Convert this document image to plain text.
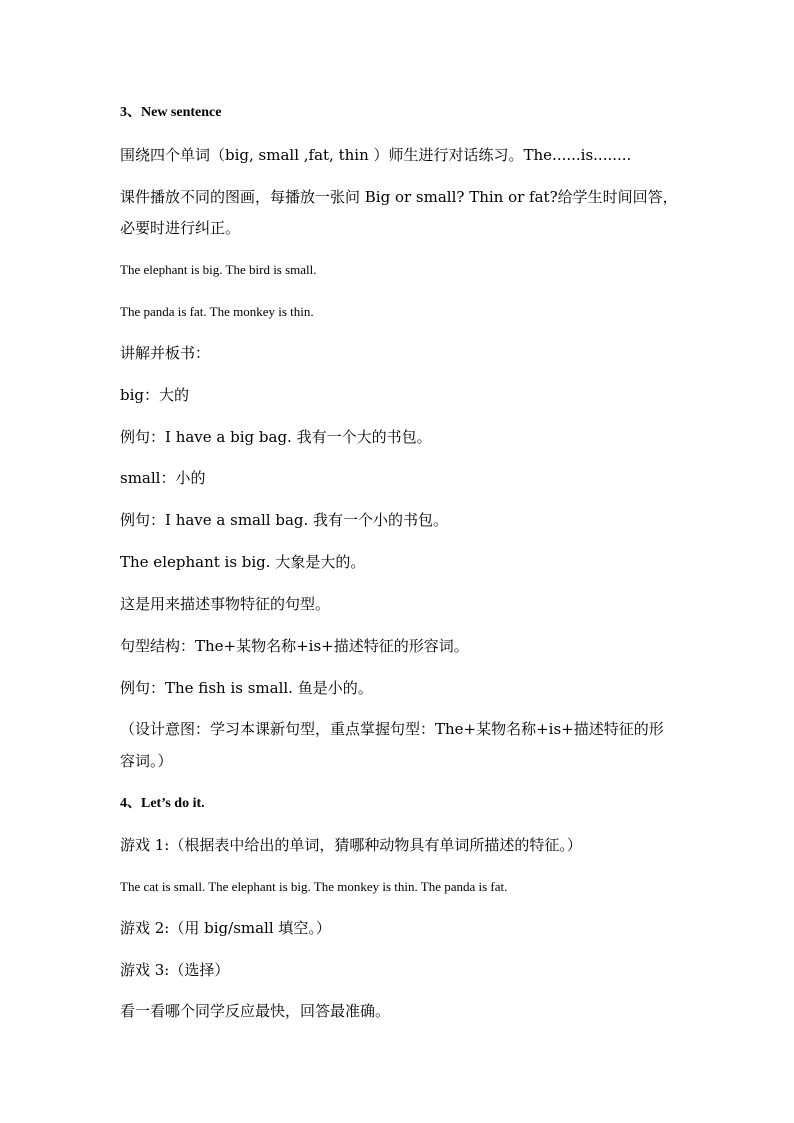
3、New sentence
围绕四个单词（big, small ,fat, thin ）师生进行对话练习。The......is........
课件播放不同的图画，每播放一张问 Big or small? Thin or fat?给学生时间回答，
必要时进行纠正。
The elephant is big. The bird is small.
The panda is fat. The monkey is thin.
讲解并板书：
big：大的
例句：I have a big bag. 我有一个大的书包。
small：小的
例句：I have a small bag. 我有一个小的书包。
The elephant is big. 大象是大的。
这是用来描述事物特征的句型。
句型结构：The+某物名称+is+描述特征的形容词。
例句：The fish is small. 鱼是小的。
（设计意图：学习本课新句型，重点掌握句型：The+某物名称+is+描述特征的形
容词。）
4、Let’s do it.
游戏 1:（根据表中给出的单词，猜哪种动物具有单词所描述的特征。）
The cat is small. The elephant is big. The monkey is thin. The panda is fat.
游戏 2:（用 big/small 填空。）
游戏 3:（选择）
看一看哪个同学反应最快，回答最准确。
